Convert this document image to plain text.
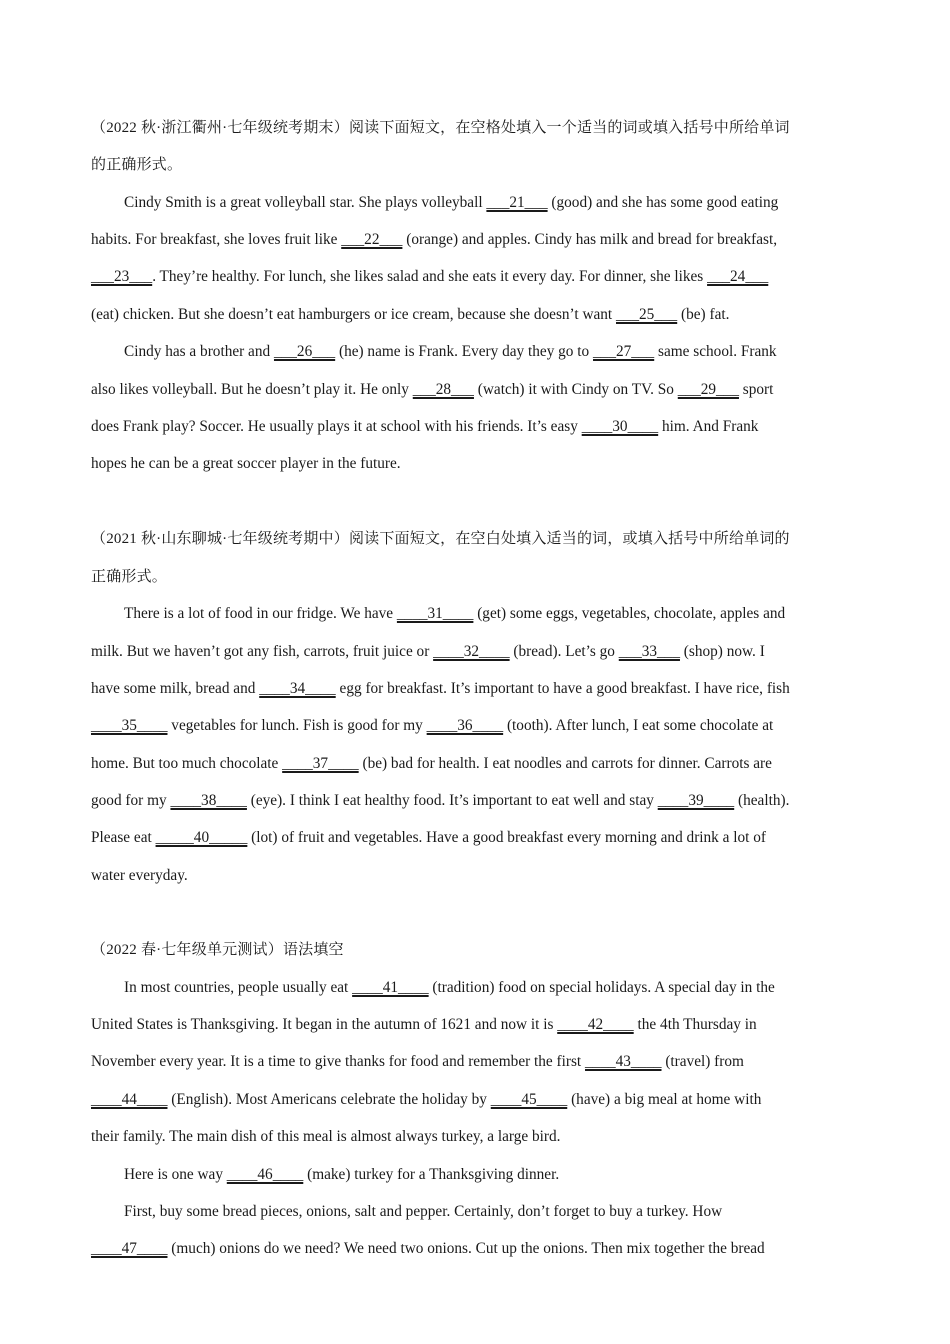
（2022 秋·浙江衢州·七年级统考期末）阅读下面短文，在空格处填入一个适当的词或填入括号中所给单词
的正确形式。
Cindy Smith is a great volleyball star. She plays volleyball ___21___ (good) and she has some good eating
habits. For breakfast, she loves fruit like ___22___ (orange) and apples. Cindy has milk and bread for breakfast,
___23___. They’re healthy. For lunch, she likes salad and she eats it every day. For dinner, she likes ___24___
(eat) chicken. But she doesn’t eat hamburgers or ice cream, because she doesn’t want ___25___ (be) fat.
Cindy has a brother and ___26___ (he) name is Frank. Every day they go to ___27___ same school. Frank
also likes volleyball. But he doesn’t play it. He only ___28___ (watch) it with Cindy on TV. So ___29___ sport
does Frank play? Soccer. He usually plays it at school with his friends. It’s easy ____30____ him. And Frank
hopes he can be a great soccer player in the future.
（2021 秋·山东聊城·七年级统考期中）阅读下面短文，在空白处填入适当的词，或填入括号中所给单词的
正确形式。
There is a lot of food in our fridge. We have ____31____ (get) some eggs, vegetables, chocolate, apples and
milk. But we haven’t got any fish, carrots, fruit juice or ____32____ (bread). Let’s go ___33___ (shop) now. I
have some milk, bread and ____34____ egg for breakfast. It’s important to have a good breakfast. I have rice, fish
____35____ vegetables for lunch. Fish is good for my ____36____ (tooth). After lunch, I eat some chocolate at
home. But too much chocolate ____37____ (be) bad for health. I eat noodles and carrots for dinner. Carrots are
good for my ____38____ (eye). I think I eat healthy food. It’s important to eat well and stay ____39____ (health).
Please eat _____40_____ (lot) of fruit and vegetables. Have a good breakfast every morning and drink a lot of
water everyday.
（2022 春·七年级单元测试）语法填空
In most countries, people usually eat ____41____ (tradition) food on special holidays. A special day in the
United States is Thanksgiving. It began in the autumn of 1621 and now it is ____42____ the 4th Thursday in
November every year. It is a time to give thanks for food and remember the first ____43____ (travel) from
____44____ (English). Most Americans celebrate the holiday by ____45____ (have) a big meal at home with
their family. The main dish of this meal is almost always turkey, a large bird.
Here is one way ____46____ (make) turkey for a Thanksgiving dinner.
First, buy some bread pieces, onions, salt and pepper. Certainly, don’t forget to buy a turkey. How
____47____ (much) onions do we need? We need two onions. Cut up the onions. Then mix together the bread
